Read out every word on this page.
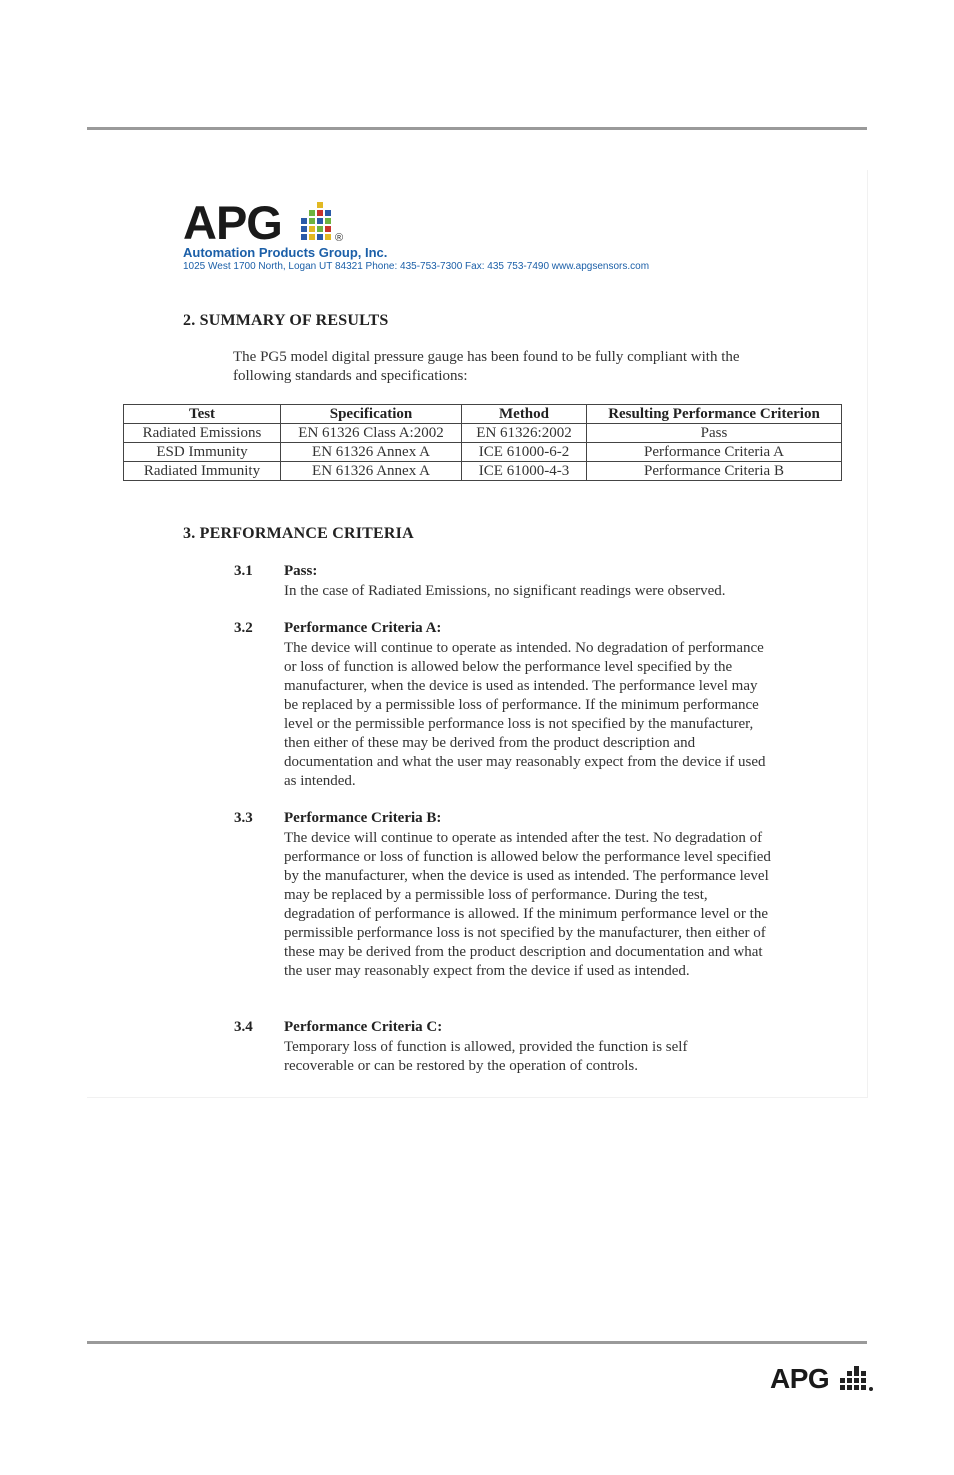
APG	®
Automation Products Group, Inc.
1025 West 1700 North, Logan UT 84321 Phone: 435-753-7300 Fax: 435 753-7490 www.apgsensors.com
2. SUMMARY OF RESULTS
The PG5 model digital pressure gauge has been found to be fully compliant with the following standards and specifications:
Test	Specification	Method	Resulting Performance Criterion
Radiated Emissions	EN 61326 Class A:2002	EN 61326:2002	Pass
ESD Immunity	EN 61326 Annex A	ICE 61000-6-2	Performance Criteria A
Radiated Immunity	EN 61326 Annex A	ICE 61000-4-3	Performance Criteria B
3. PERFORMANCE CRITERIA
3.1 Pass:
In the case of Radiated Emissions, no significant readings were observed.
3.2 Performance Criteria A:
The device will continue to operate as intended. No degradation of performance or loss of function is allowed below the performance level specified by the manufacturer, when the device is used as intended. The performance level may be replaced by a permissible loss of performance. If the minimum performance level or the permissible performance loss is not specified by the manufacturer, then either of these may be derived from the product description and documentation and what the user may reasonably expect from the device if used as intended.
3.3 Performance Criteria B:
The device will continue to operate as intended after the test. No degradation of performance or loss of function is allowed below the performance level specified by the manufacturer, when the device is used as intended. The performance level may be replaced by a permissible loss of performance. During the test, degradation of performance is allowed. If the minimum performance level or the permissible performance loss is not specified by the manufacturer, then either of these may be derived from the product description and documentation and what the user may reasonably expect from the device if used as intended.
3.4 Performance Criteria C:
Temporary loss of function is allowed, provided the function is self recoverable or can be restored by the operation of controls.
APG
